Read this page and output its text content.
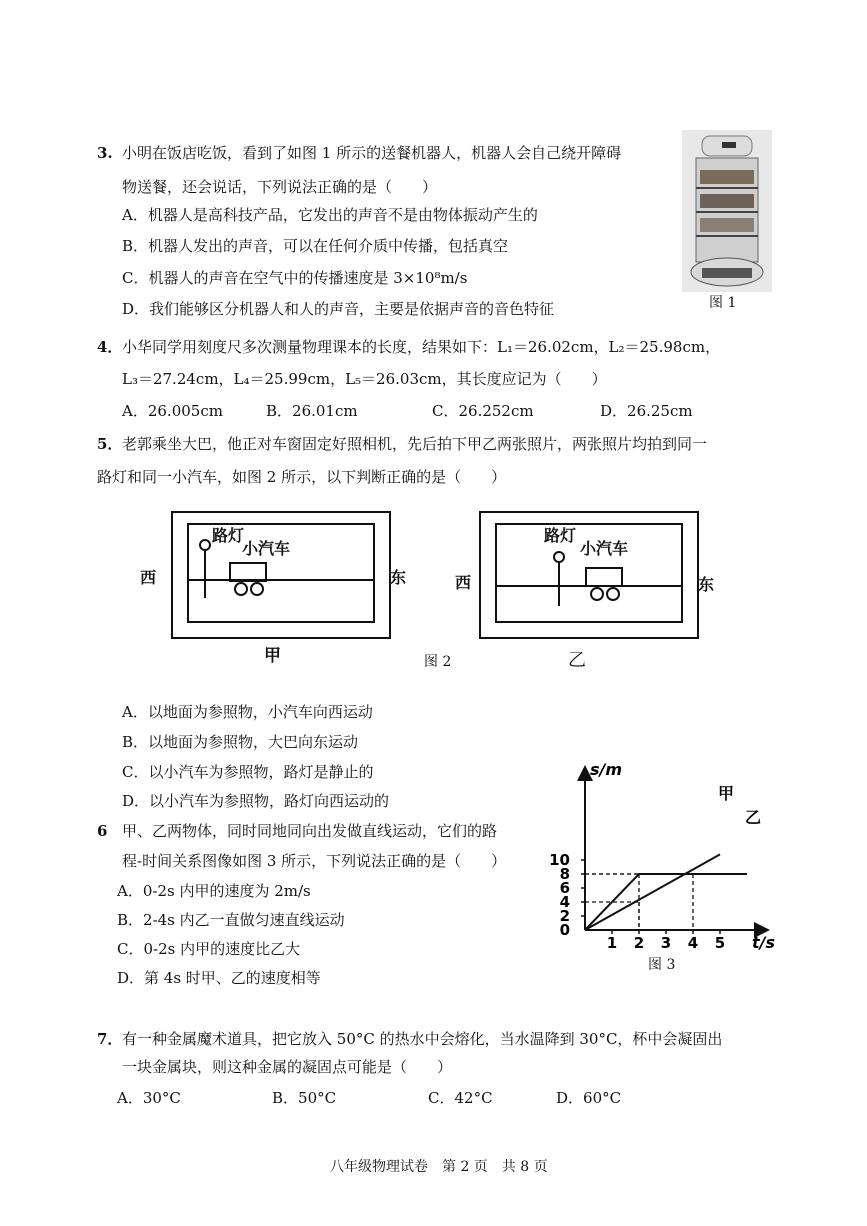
3. 小明在饭店吃饭，看到了如图 1 所示的送餐机器人，机器人会自己绕开障碍
物送餐，还会说话，下列说法正确的是（　　）
A．机器人是高科技产品，它发出的声音不是由物体振动产生的
B．机器人发出的声音，可以在任何介质中传播，包括真空
C．机器人的声音在空气中的传播速度是 3×10⁸m/s
D．我们能够区分机器人和人的声音，主要是依据声音的音色特征	图 1
4． 小华同学用刻度尺多次测量物理课本的长度，结果如下：L₁＝26.02cm，L₂＝25.98cm，
L₃＝27.24cm，L₄＝25.99cm，L₅＝26.03cm，其长度应记为（　　）
A．26.005cm	B．26.01cm	C．26.252cm	D．26.25cm
5． 老郭乘坐大巴，他正对车窗固定好照相机，先后拍下甲乙两张照片，两张照片均拍到同一
路灯和同一小汽车，如图 2 所示，以下判断正确的是（　　）
西	东	西	东
路灯
小汽车
路灯
小汽车
甲	图 2	乙
A．以地面为参照物，小汽车向西运动
B．以地面为参照物，大巴向东运动
C．以小汽车为参照物，路灯是静止的
D．以小汽车为参照物，路灯向西运动的
6 甲、乙两物体，同时同地同向出发做直线运动，它们的路
程-时间关系图像如图 3 所示，下列说法正确的是（　　）
A．0-2s 内甲的速度为 2m/s
B．2-4s 内乙一直做匀速直线运动
C．0-2s 内甲的速度比乙大
D．第 4s 时甲、乙的速度相等
0
2
4
6
8
10
1 2 3 4 5
s/m
t/s
甲
乙
图 3
7． 有一种金属魔术道具，把它放入 50°C 的热水中会熔化，当水温降到 30°C，杯中会凝固出
一块金属块，则这种金属的凝固点可能是（　　）
A．30°C	B．50°C	C．42°C	D．60°C
八年级物理试卷　第 2 页　共 8 页
